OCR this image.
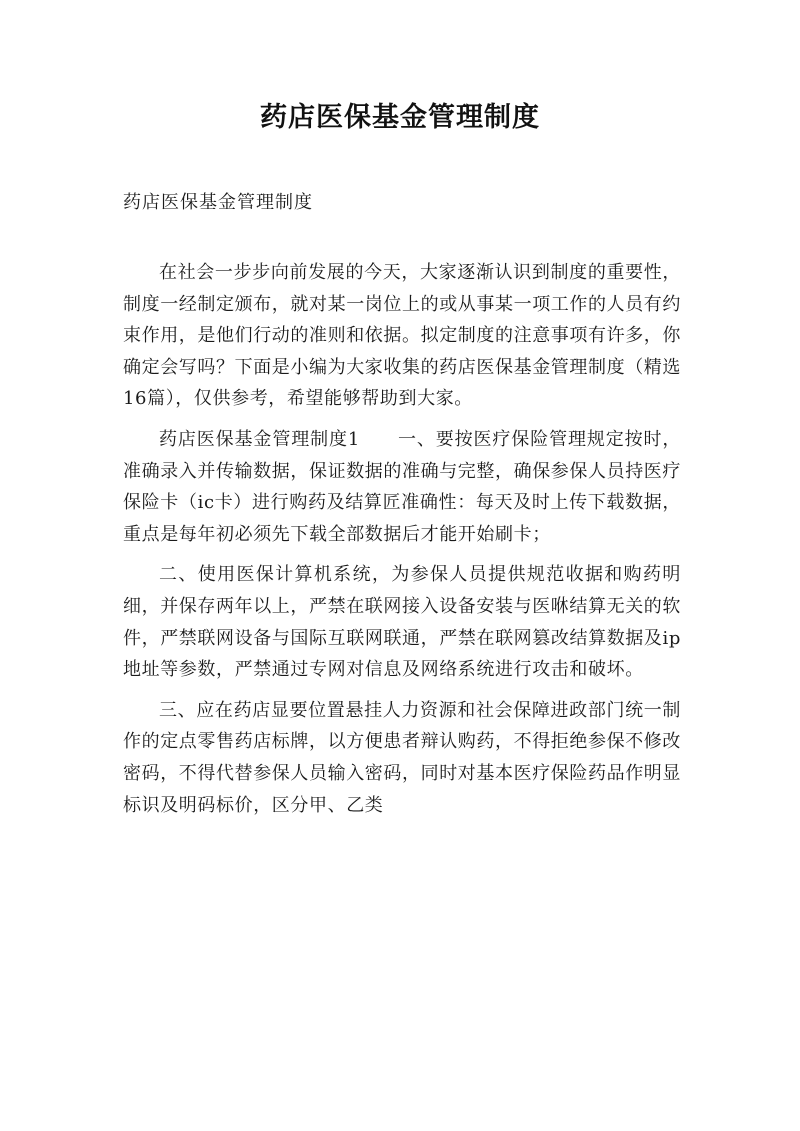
药店医保基金管理制度
药店医保基金管理制度

在社会一步步向前发展的今天，大家逐渐认识到制度的重要性，制度一经制定颁布，就对某一岗位上的或从事某一项工作的人员有约束作用，是他们行动的准则和依据。拟定制度的注意事项有许多，你确定会写吗？下面是小编为大家收集的药店医保基金管理制度（精选16篇），仅供参考，希望能够帮助到大家。

药店医保基金管理制度1　　一、要按医疗保险管理规定按时，准确录入并传输数据，保证数据的准确与完整，确保参保人员持医疗保险卡（ic卡）进行购药及结算匠准确性：每天及时上传下载数据，重点是每年初必须先下载全部数据后才能开始刷卡；

二、使用医保计算机系统，为参保人员提供规范收据和购药明细，并保存两年以上，严禁在联网接入设备安装与医咻结算无关的软件，严禁联网设备与国际互联网联通，严禁在联网篡改结算数据及ip地址等参数，严禁通过专网对信息及网络系统进行攻击和破坏。

三、应在药店显要位置悬挂人力资源和社会保障进政部门统一制作的定点零售药店标牌，以方便患者辩认购药，不得拒绝参保不修改密码，不得代替参保人员输入密码，同时对基本医疗保险药品作明显标识及明码标价，区分甲、乙类
